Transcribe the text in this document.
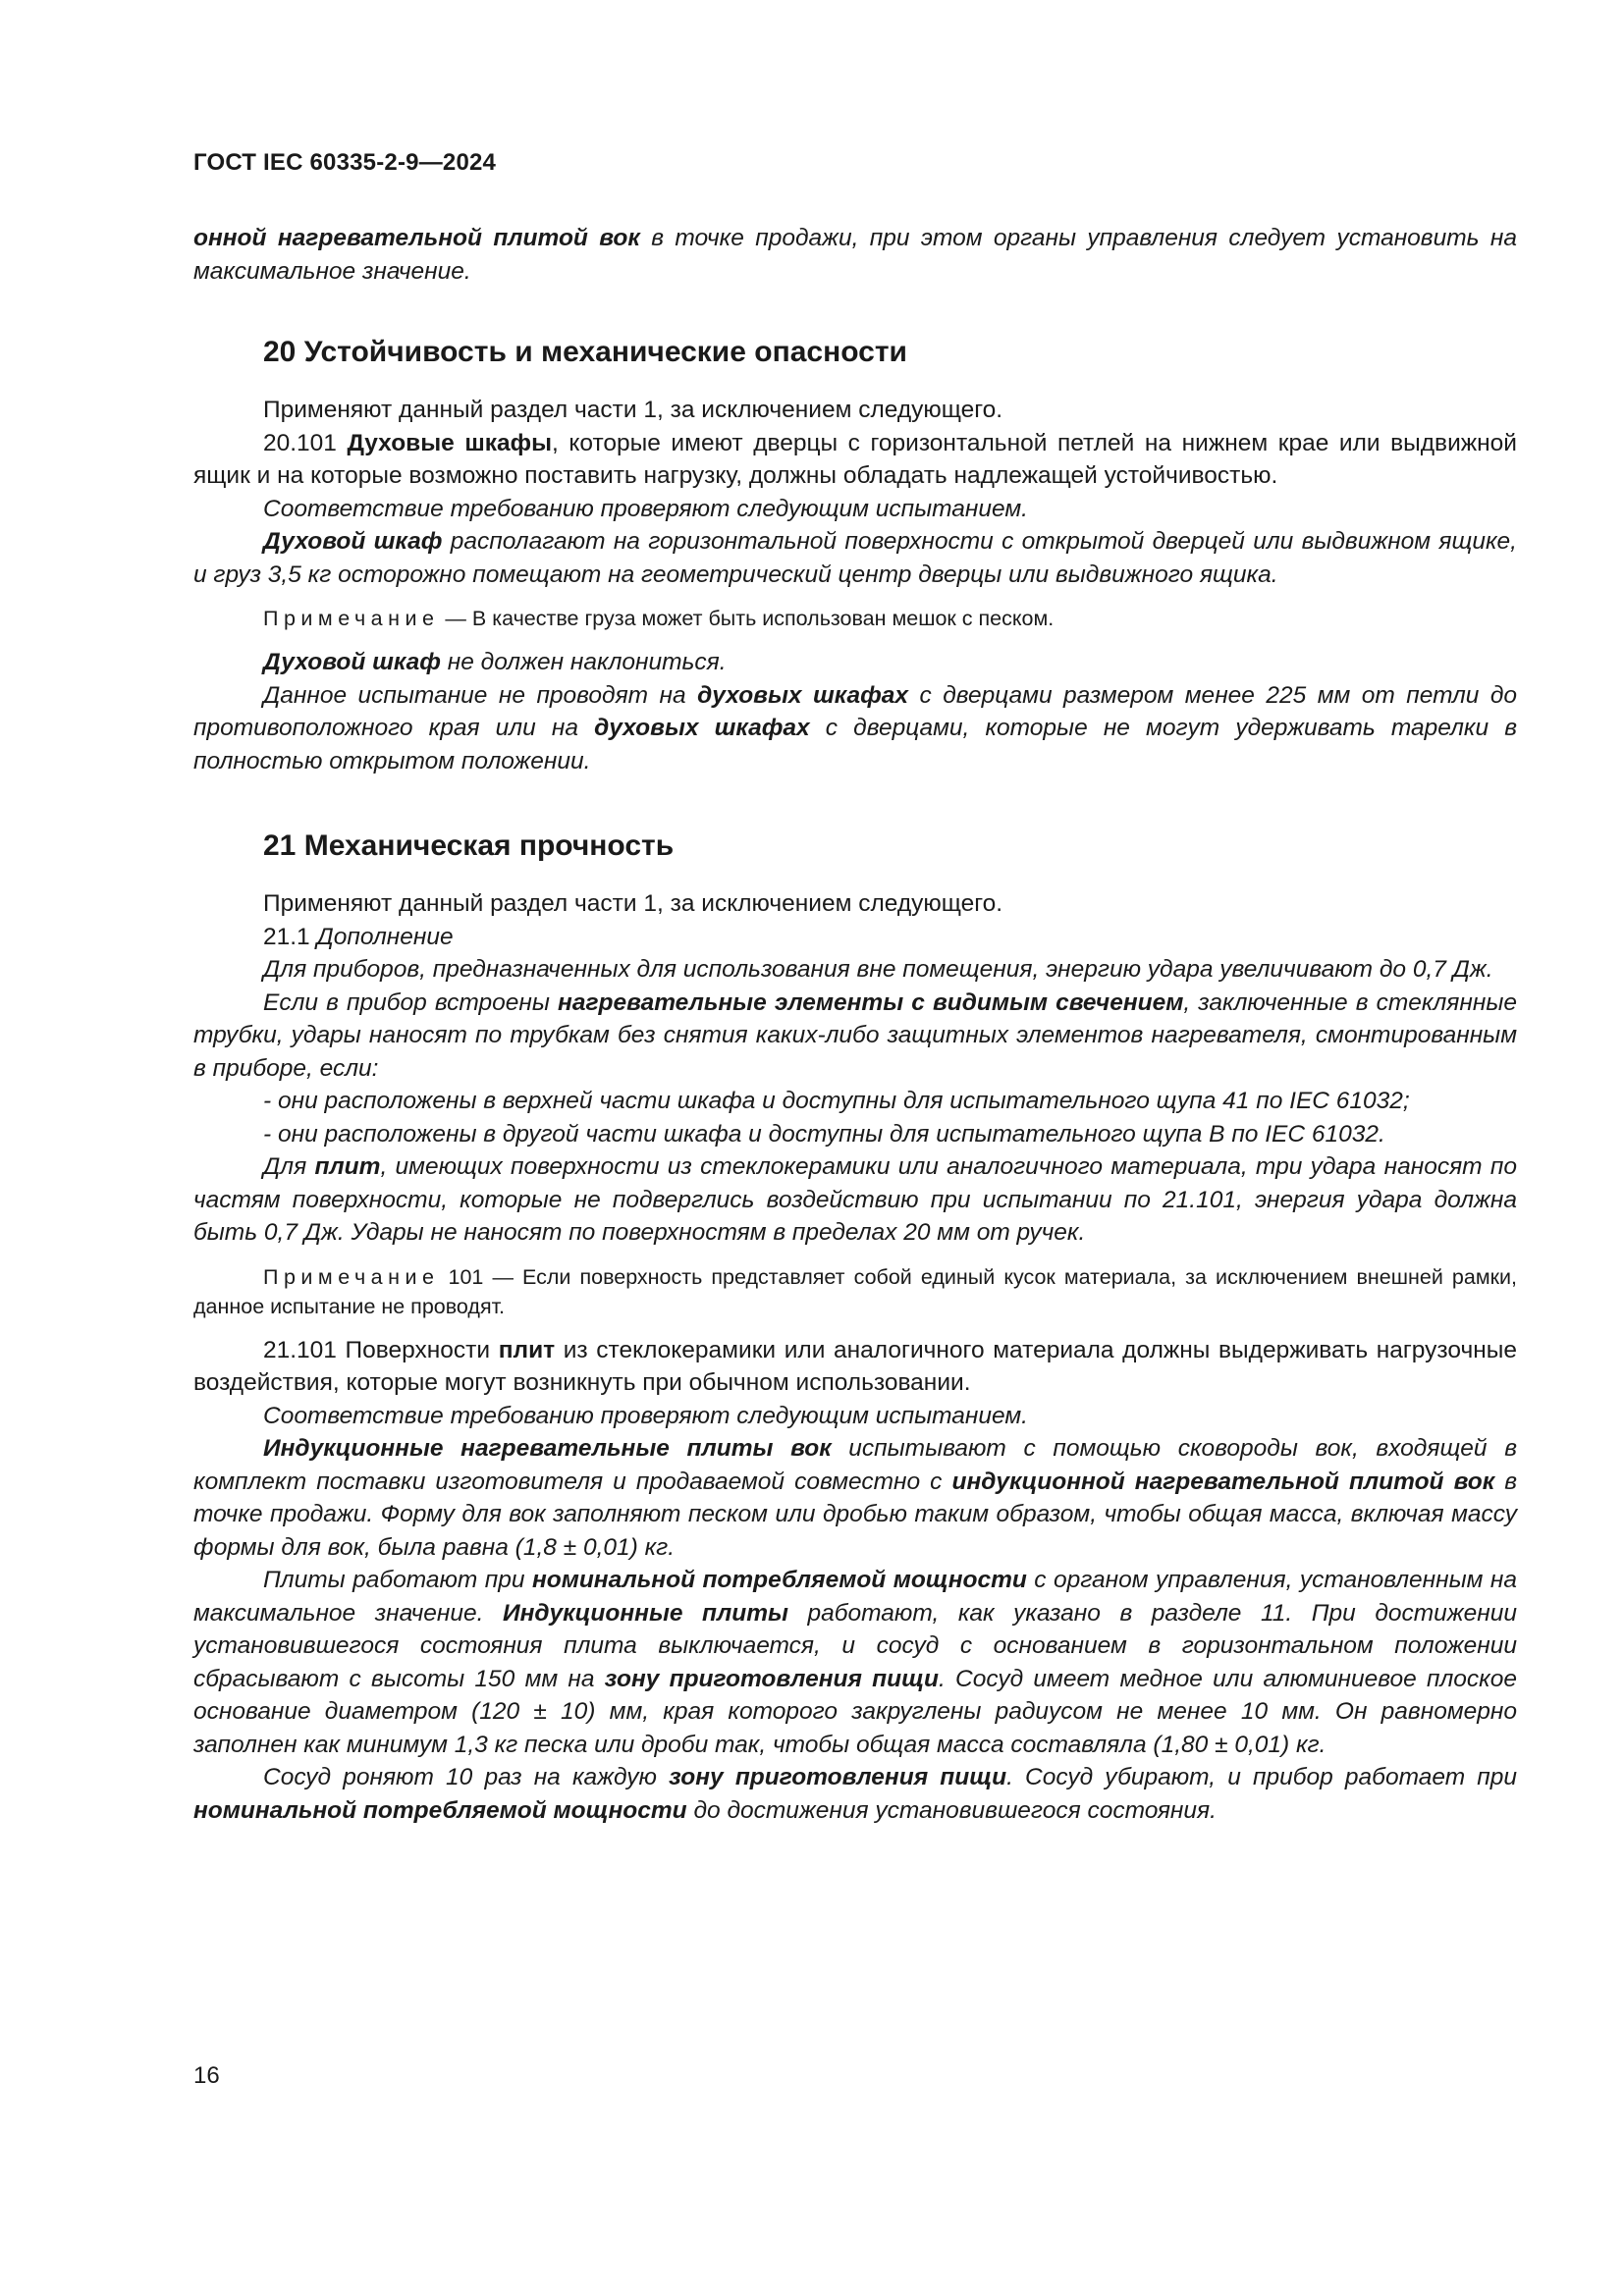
ГОСТ IEC 60335-2-9—2024

онной нагревательной плитой вок в точке продажи, при этом органы управления следует установить на максимальное значение.

20 Устойчивость и механические опасности

Применяют данный раздел части 1, за исключением следующего.

20.101 Духовые шкафы, которые имеют дверцы с горизонтальной петлей на нижнем крае или выдвижной ящик и на которые возможно поставить нагрузку, должны обладать надлежащей устойчивостью.

Соответствие требованию проверяют следующим испытанием.

Духовой шкаф располагают на горизонтальной поверхности с открытой дверцей или выдвижном ящике, и груз 3,5 кг осторожно помещают на геометрический центр дверцы или выдвижного ящика.

Примечание — В качестве груза может быть использован мешок с песком.

Духовой шкаф не должен наклониться.

Данное испытание не проводят на духовых шкафах с дверцами размером менее 225 мм от петли до противоположного края или на духовых шкафах с дверцами, которые не могут удерживать тарелки в полностью открытом положении.

21 Механическая прочность

Применяют данный раздел части 1, за исключением следующего.

21.1 Дополнение

Для приборов, предназначенных для использования вне помещения, энергию удара увеличивают до 0,7 Дж.

Если в прибор встроены нагревательные элементы с видимым свечением, заключенные в стеклянные трубки, удары наносят по трубкам без снятия каких-либо защитных элементов нагревателя, смонтированным в приборе, если:

- они расположены в верхней части шкафа и доступны для испытательного щупа 41 по IEC 61032;

- они расположены в другой части шкафа и доступны для испытательного щупа B по IEC 61032.

Для плит, имеющих поверхности из стеклокерамики или аналогичного материала, три удара наносят по частям поверхности, которые не подверглись воздействию при испытании по 21.101, энергия удара должна быть 0,7 Дж. Удары не наносят по поверхностям в пределах 20 мм от ручек.

Примечание 101 — Если поверхность представляет собой единый кусок материала, за исключением внешней рамки, данное испытание не проводят.

21.101 Поверхности плит из стеклокерамики или аналогичного материала должны выдерживать нагрузочные воздействия, которые могут возникнуть при обычном использовании.

Соответствие требованию проверяют следующим испытанием.

Индукционные нагревательные плиты вок испытывают с помощью сковороды вок, входящей в комплект поставки изготовителя и продаваемой совместно с индукционной нагревательной плитой вок в точке продажи. Форму для вок заполняют песком или дробью таким образом, чтобы общая масса, включая массу формы для вок, была равна (1,8 ± 0,01) кг.

Плиты работают при номинальной потребляемой мощности с органом управления, установленным на максимальное значение. Индукционные плиты работают, как указано в разделе 11. При достижении установившегося состояния плита выключается, и сосуд с основанием в горизонтальном положении сбрасывают с высоты 150 мм на зону приготовления пищи. Сосуд имеет медное или алюминиевое плоское основание диаметром (120 ± 10) мм, края которого закруглены радиусом не менее 10 мм. Он равномерно заполнен как минимум 1,3 кг песка или дроби так, чтобы общая масса составляла (1,80 ± 0,01) кг.

Сосуд роняют 10 раз на каждую зону приготовления пищи. Сосуд убирают, и прибор работает при номинальной потребляемой мощности до достижения установившегося состояния.

16
